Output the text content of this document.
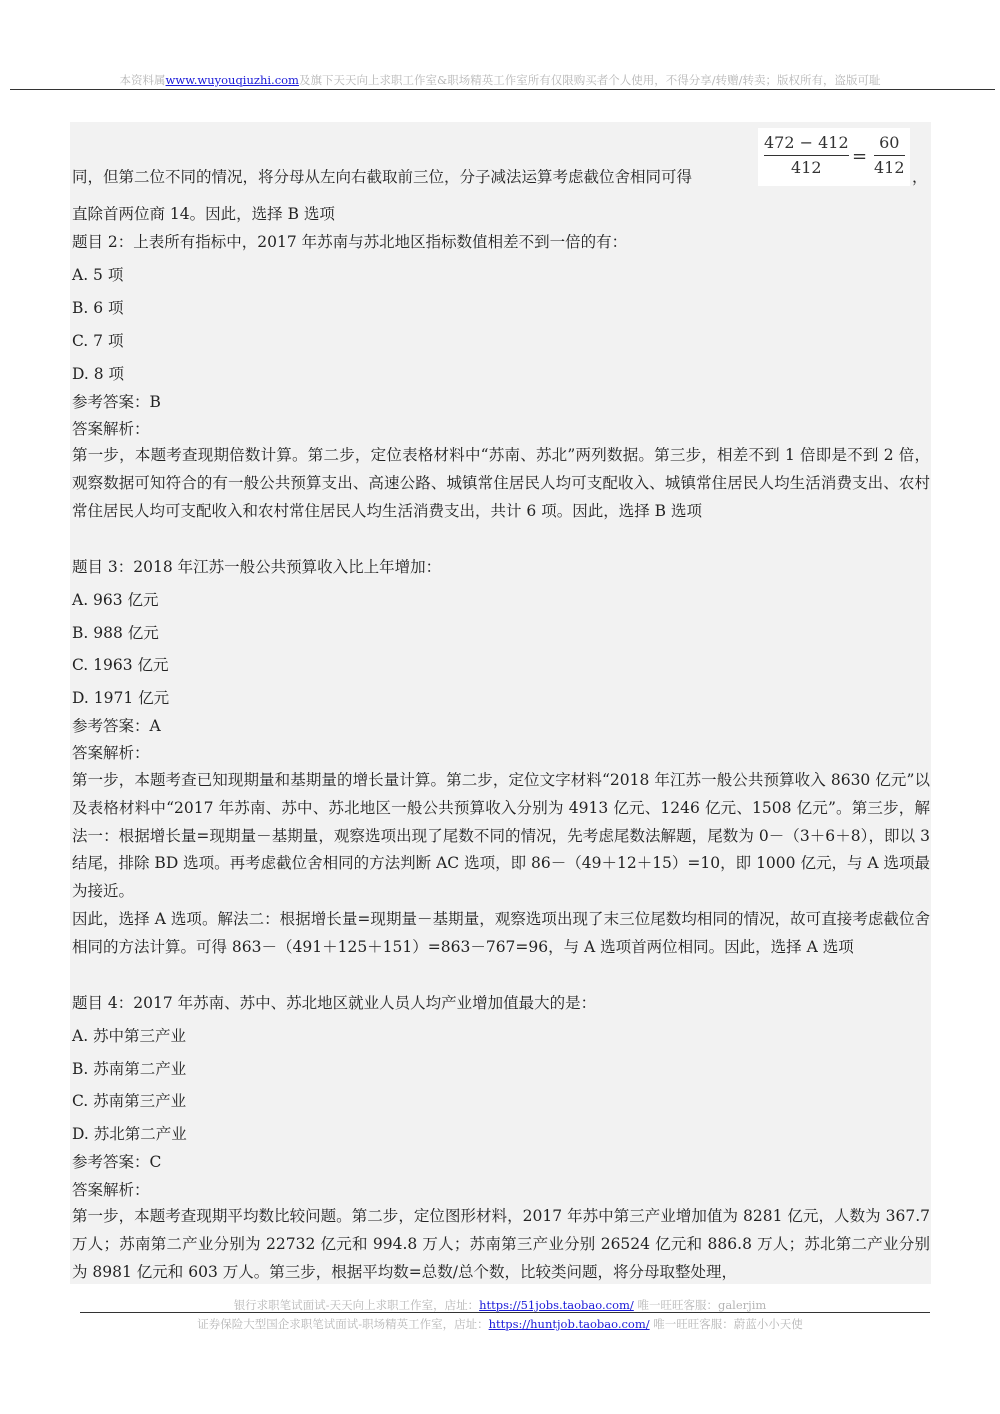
本资料属www.wuyouqiuzhi.com及旗下天天向上求职工作室&职场精英工作室所有仅限购买者个人使用，不得分享/转赠/转卖；版权所有，盗版可耻
472 − 412
412
=
60
412
同，但第二位不同的情况，将分母从左向右截取前三位，分子减法运算考虑截位舍相同可得	，
直除首两位商 14。因此，选择 B 选项
题目 2：上表所有指标中，2017 年苏南与苏北地区指标数值相差不到一倍的有：
A. 5 项
B. 6 项
C. 7 项
D. 8 项
参考答案：B
答案解析：
第一步，本题考查现期倍数计算。第二步，定位表格材料中“苏南、苏北”两列数据。第三步，相差不到 1 倍即是不到 2 倍，观察数据可知符合的有一般公共预算支出、高速公路、城镇常住居民人均可支配收入、城镇常住居民人均生活消费支出、农村常住居民人均可支配收入和农村常住居民人均生活消费支出，共计 6 项。因此，选择 B 选项
题目 3：2018 年江苏一般公共预算收入比上年增加：
A. 963 亿元
B. 988 亿元
C. 1963 亿元
D. 1971 亿元
参考答案：A
答案解析：
第一步，本题考查已知现期量和基期量的增长量计算。第二步，定位文字材料“2018 年江苏一般公共预算收入 8630 亿元”以及表格材料中“2017 年苏南、苏中、苏北地区一般公共预算收入分别为 4913 亿元、1246 亿元、1508 亿元”。第三步，解法一：根据增长量=现期量－基期量，观察选项出现了尾数不同的情况，先考虑尾数法解题，尾数为 0－（3＋6＋8），即以 3 结尾，排除 BD 选项。再考虑截位舍相同的方法判断 AC 选项，即 86－（49＋12＋15）=10，即 1000 亿元，与 A 选项最为接近。
因此，选择 A 选项。解法二：根据增长量=现期量－基期量，观察选项出现了末三位尾数均相同的情况，故可直接考虑截位舍相同的方法计算。可得 863－（491＋125＋151）=863－767=96，与 A 选项首两位相同。因此，选择 A 选项
题目 4：2017 年苏南、苏中、苏北地区就业人员人均产业增加值最大的是：
A. 苏中第三产业
B. 苏南第二产业
C. 苏南第三产业
D. 苏北第二产业
参考答案：C
答案解析：
第一步，本题考查现期平均数比较问题。第二步，定位图形材料，2017 年苏中第三产业增加值为 8281 亿元，人数为 367.7 万人；苏南第二产业分别为 22732 亿元和 994.8 万人；苏南第三产业分别 26524 亿元和 886.8 万人；苏北第二产业分别为 8981 亿元和 603 万人。第三步，根据平均数=总数/总个数，比较类问题，将分母取整处理，
银行求职笔试面试-天天向上求职工作室，店址：https://51jobs.taobao.com/ 唯一旺旺客服：galerjim
证券保险大型国企求职笔试面试-职场精英工作室，店址：https://huntjob.taobao.com/ 唯一旺旺客服：蔚蓝小小天使
